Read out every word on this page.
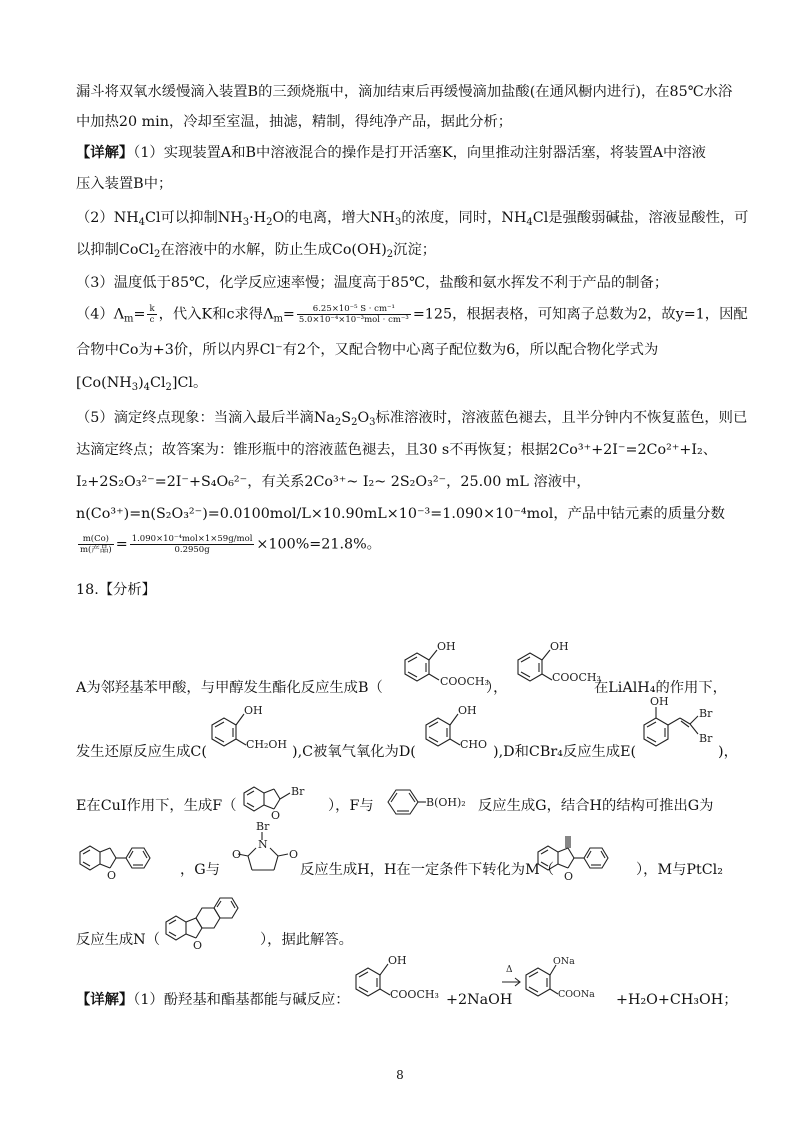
漏斗将双氧水缓慢滴入装置B的三颈烧瓶中，滴加结束后再缓慢滴加盐酸(在通风橱内进行)，在85℃水浴
中加热20 min，冷却至室温，抽滤，精制，得纯净产品，据此分析；
【详解】（1）实现装置A和B中溶液混合的操作是打开活塞K，向里推动注射器活塞，将装置A中溶液
压入装置B中；
$(2)NH_4Cl$可以抑制$NH_3\cdot H_2O$的电离，增大$NH_3$的浓度，同时，$NH_4Cl$是强酸弱碱盐，溶液显酸性，可
以抑制CoCl$_2$在溶液中的水解，防止生成$Co(OH)_2$沉淀；
（3）温度低于85℃，化学反应速率慢；温度高于85℃，盐酸和氨水挥发不利于产品的制备；
$(4)\Lambda_m= \frac{k}{c}$ ，代入K和c求得$\Lambda_m= \frac{\text{6.25×10⁻⁵ S · cm⁻¹}}{\text{5.0×10⁻⁴×10⁻³mol · cm⁻³}} =125$，根据表格，可知离子总数为2，故y=1，因配
合物中Co为+3价，所以内界Cl⁻有2个，又配合物中心离子配位数为6，所以配合物化学式为
$[Co(NH_3)_4Cl_2]Cl$。
（5）滴定终点现象：当滴入最后半滴$Na_2S_2O_3$标准溶液时，溶液蓝色褪去，且半分钟内不恢复蓝色，则已
达滴定终点；故答案为：锥形瓶中的溶液蓝色褪去，且30 s不再恢复；根据2Co³⁺+2I⁻=2Co²⁺+I₂、
I₂+2S₂O₃²⁻=2I⁻+S₄O₆²⁻，有关系2Co³⁺~ I₂~ 2S₂O₃²⁻，25.00 mL 溶液中，
n(Co³⁺)=n(S₂O₃²⁻)=0.0100mol/L×10.90mL×10⁻³=1.090×10⁻⁴mol，产品中钴元素的质量分数
$\frac{m(Co)}{\text{m(产品)}} = \frac{\text{1.090×10⁻⁴mol×1×59g/mol}}{0.2950g} \times 100\%=21.8\%$。
18.【分析】
A为邻羟基苯甲酸，与甲醇发生酯化反应生成B（
OH
COOCH₃
），
OH
COOCH₃
在LiAlH₄的作用下，
发生还原反应生成C(
OH
CH₂OH ),C被氧气氧化为D(
OH
CHO ),D和CBr₄反应生成E(
OH
Br
Br
)，
E在CuI作用下，生成F（
O
Br
），F与	B(OH)₂ 反应生成G，结合H的结构可推出G为
O	，G与
Br
N
O	O
反应生成H，H在一定条件下转化为M（ O	），M与PtCl₂
反应生成N（	O	），据此解答。
【详解】（1）酚羟基和酯基都能与碱反应：
OH
COOCH₃ +2NaOH
Δ
ONa
COONa +H₂O+CH₃OH；
8
